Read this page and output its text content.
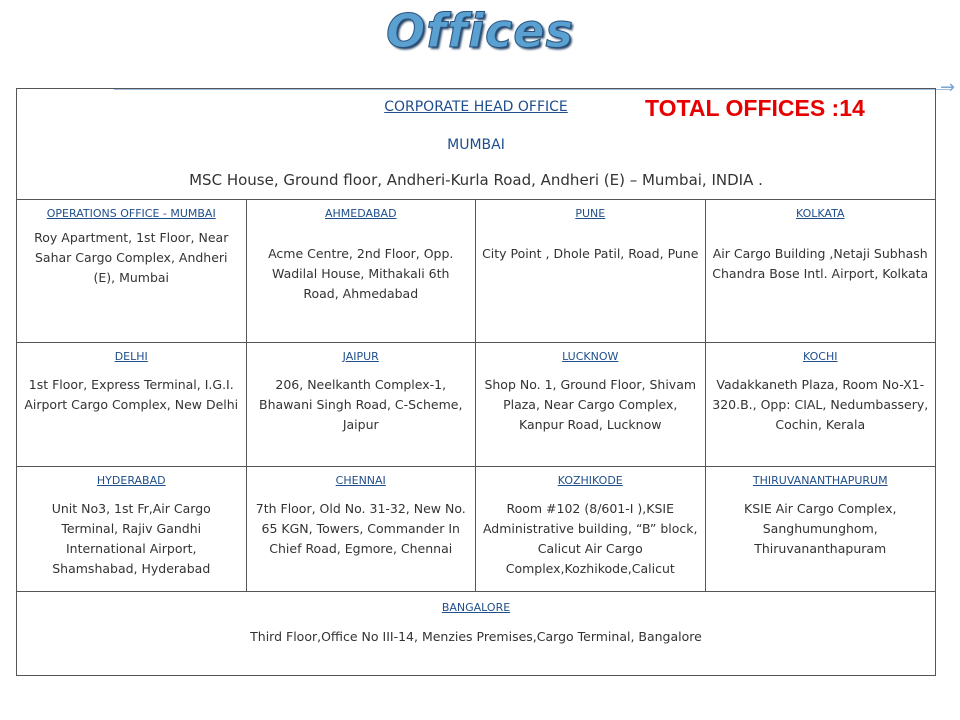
Offices
→
CORPORATE HEAD OFFICE
MUMBAI
MSC House, Ground floor, Andheri-Kurla Road, Andheri (E) – Mumbai, INDIA .
TOTAL OFFICES :14
OPERATIONS OFFICE - MUMBAI
Roy Apartment, 1st Floor, Near Sahar Cargo Complex, Andheri (E), Mumbai
AHMEDABAD
Acme Centre, 2nd Floor, Opp. Wadilal House, Mithakali 6th Road, Ahmedabad
PUNE
City Point , Dhole Patil, Road, Pune
KOLKATA
Air Cargo Building ,Netaji Subhash Chandra Bose Intl. Airport, Kolkata
DELHI
1st Floor, Express Terminal, I.G.I. Airport Cargo Complex, New Delhi
JAIPUR
206, Neelkanth Complex-1, Bhawani Singh Road, C-Scheme, Jaipur
LUCKNOW
Shop No. 1, Ground Floor, Shivam Plaza, Near Cargo Complex, Kanpur Road, Lucknow
KOCHI
Vadakkaneth Plaza, Room No-X1-320.B., Opp: CIAL, Nedumbassery, Cochin, Kerala
HYDERABAD
Unit No3, 1st Fr,Air Cargo Terminal, Rajiv Gandhi International Airport, Shamshabad, Hyderabad
CHENNAI
7th Floor, Old No. 31-32, New No. 65 KGN, Towers, Commander In Chief Road, Egmore, Chennai
KOZHIKODE
Room #102 (8/601-I ),KSIE Administrative building, “B” block, Calicut Air Cargo Complex,Kozhikode,Calicut
THIRUVANANTHAPURUM
KSIE Air Cargo Complex, Sanghumunghom, Thiruvananthapuram
BANGALORE
Third Floor,Office No III-14, Menzies Premises,Cargo Terminal, Bangalore
